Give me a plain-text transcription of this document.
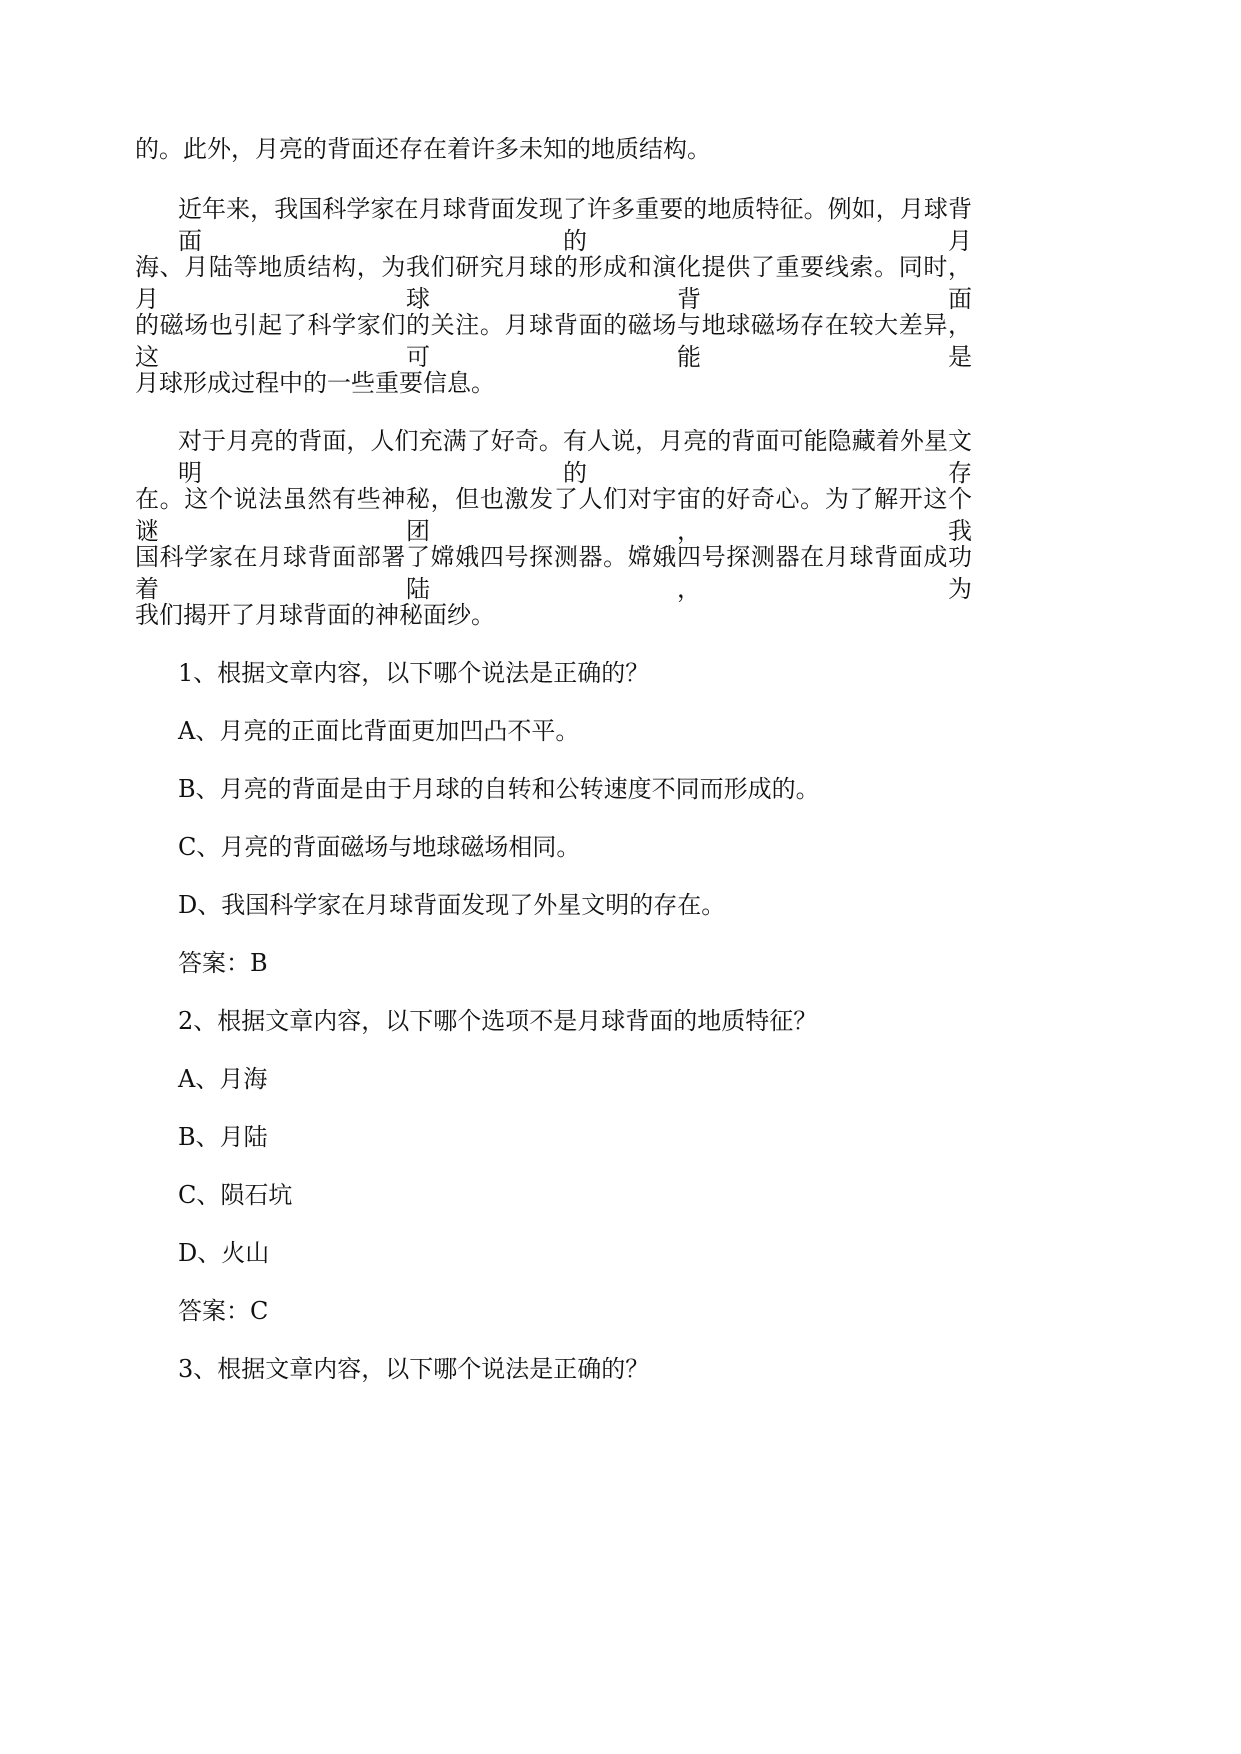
的。此外，月亮的背面还存在着许多未知的地质结构。
近年来，我国科学家在月球背面发现了许多重要的地质特征。例如，月球背面的月
海、月陆等地质结构，为我们研究月球的形成和演化提供了重要线索。同时，月球背面
的磁场也引起了科学家们的关注。月球背面的磁场与地球磁场存在较大差异，这可能是
月球形成过程中的一些重要信息。
对于月亮的背面，人们充满了好奇。有人说，月亮的背面可能隐藏着外星文明的存
在。这个说法虽然有些神秘，但也激发了人们对宇宙的好奇心。为了解开这个谜团，我
国科学家在月球背面部署了嫦娥四号探测器。嫦娥四号探测器在月球背面成功着陆，为
我们揭开了月球背面的神秘面纱。
1、根据文章内容，以下哪个说法是正确的？
A、月亮的正面比背面更加凹凸不平。
B、月亮的背面是由于月球的自转和公转速度不同而形成的。
C、月亮的背面磁场与地球磁场相同。
D、我国科学家在月球背面发现了外星文明的存在。
答案：B
2、根据文章内容，以下哪个选项不是月球背面的地质特征？
A、月海
B、月陆
C、陨石坑
D、火山
答案：C
3、根据文章内容，以下哪个说法是正确的？
